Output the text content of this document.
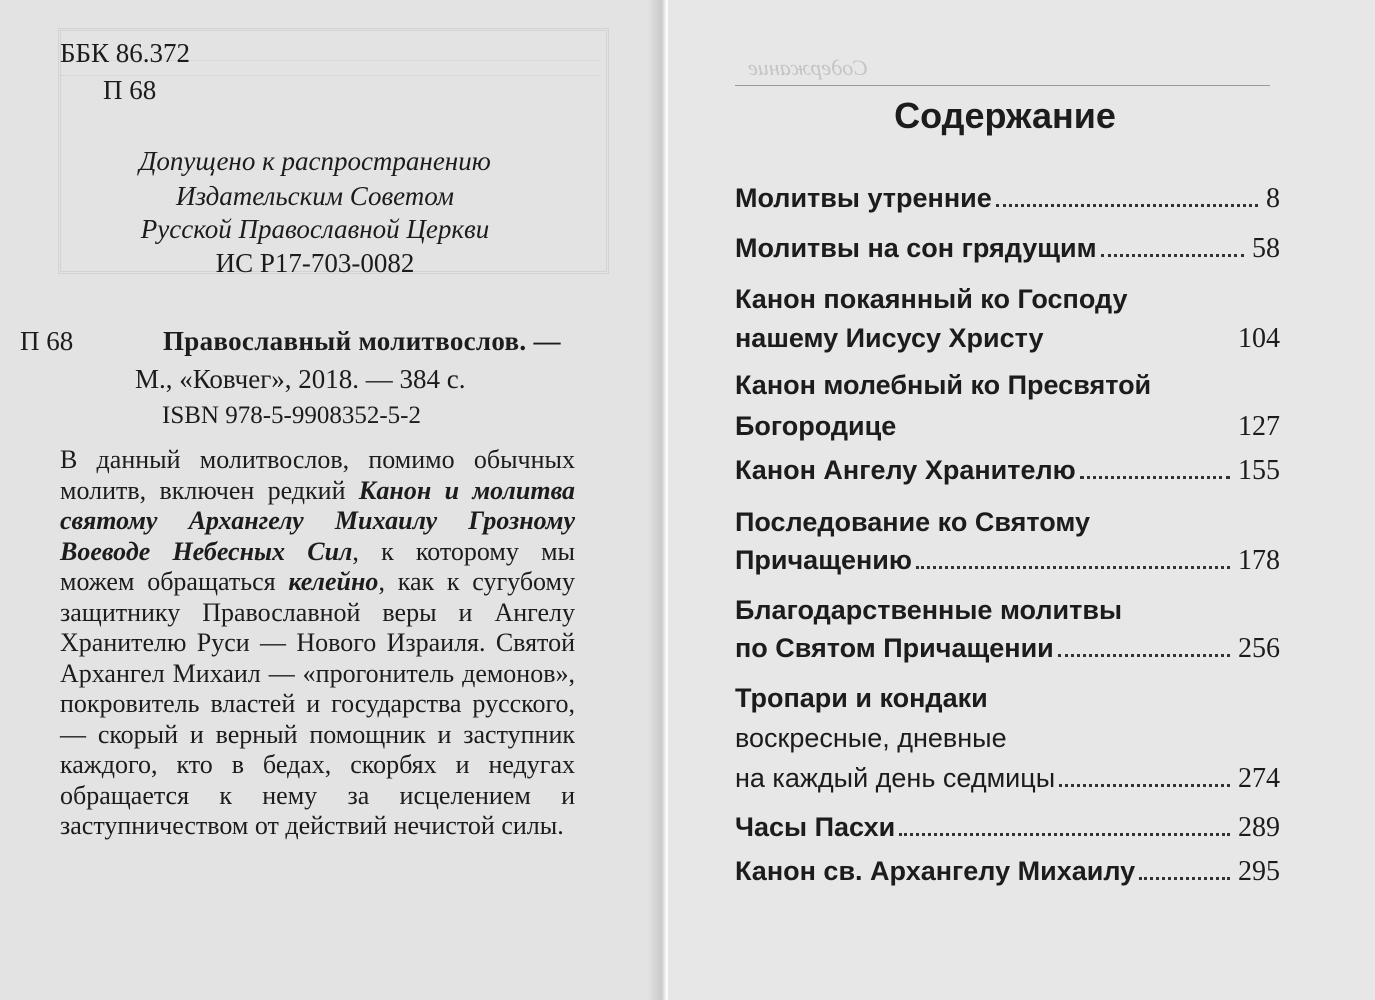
ББК 86.372
П 68
Допущено к распространению
Издательским Советом
Русской Православной Церкви
ИС Р17-703-0082
П 68	Православный молитвослов. —
М., «Ковчег», 2018. — 384 с.
ISBN 978-5-9908352-5-2
В данный молитвослов, помимо обычных молитв, включен редкий Канон и молитва святому Архангелу Михаилу Грозному Воеводе Небесных Сил, к которому мы можем обращаться келейно, как к сугубому защитнику Православной веры и Ангелу Хранителю Руси — Нового Израиля. Святой Архангел Михаил — «прогонитель демонов», покровитель властей и государства русского, — скорый и верный помощник и заступник каждого, кто в бедах, скорбях и недугах обращается к нему за исцелением и заступничеством от действий нечистой силы.
Содержание
Содержание
Молитвы утренние	8
Молитвы на сон грядущим	58
Канон покаянный ко Господу
нашему Иисусу Христу	104
Канон молебный ко Пресвятой
Богородице	127
Канон Ангелу Хранителю	155
Последование ко Святому
Причащению	178
Благодарственные молитвы
по Святом Причащении	256
Тропари и кондаки
воскресные, дневные
на каждый день седмицы	274
Часы Пасхи	289
Канон св. Архангелу Михаилу	295
